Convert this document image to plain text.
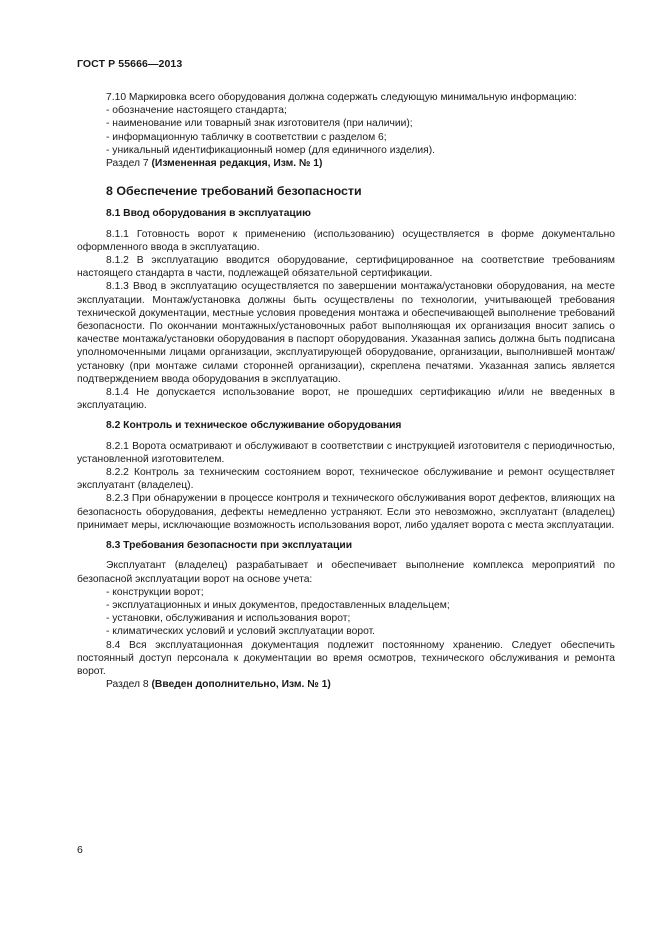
ГОСТ Р 55666—2013

7.10 Маркировка всего оборудования должна содержать следующую минимальную информацию:

- обозначение настоящего стандарта;

- наименование или товарный знак изготовителя (при наличии);

- информационную табличку в соответствии с разделом 6;

- уникальный идентификационный номер (для единичного изделия).

Раздел 7 (Измененная редакция, Изм. № 1)

8 Обеспечение требований безопасности

8.1 Ввод оборудования в эксплуатацию

8.1.1 Готовность ворот к применению (использованию) осуществляется в форме документально оформленного ввода в эксплуатацию.

8.1.2 В эксплуатацию вводится оборудование, сертифицированное на соответствие требованиям настоящего стандарта в части, подлежащей обязательной сертификации.

8.1.3 Ввод в эксплуатацию осуществляется по завершении монтажа/установки оборудования, на месте эксплуатации. Монтаж/установка должны быть осуществлены по технологии, учитывающей требования технической документации, местные условия проведения монтажа и обеспечивающей выполнение требований безопасности. По окончании монтажных/установочных работ выполняющая их организация вносит запись о качестве монтажа/установки оборудования в паспорт оборудования. Указанная запись должна быть подписана уполномоченными лицами организации, эксплуатирующей оборудование, организации, выполнившей монтаж/установку (при монтаже силами сторонней организации), скреплена печатями. Указанная запись является подтверждением ввода оборудования в эксплуатацию.

8.1.4 Не допускается использование ворот, не прошедших сертификацию и/или не введенных в эксплуатацию.

8.2 Контроль и техническое обслуживание оборудования

8.2.1 Ворота осматривают и обслуживают в соответствии с инструкцией изготовителя с периодичностью, установленной изготовителем.

8.2.2 Контроль за техническим состоянием ворот, техническое обслуживание и ремонт осуществляет эксплуатант (владелец).

8.2.3 При обнаружении в процессе контроля и технического обслуживания ворот дефектов, влияющих на безопасность оборудования, дефекты немедленно устраняют. Если это невозможно, эксплуатант (владелец) принимает меры, исключающие возможность использования ворот, либо удаляет ворота с места эксплуатации.

8.3 Требования безопасности при эксплуатации

Эксплуатант (владелец) разрабатывает и обеспечивает выполнение комплекса мероприятий по безопасной эксплуатации ворот на основе учета:

- конструкции ворот;

- эксплуатационных и иных документов, предоставленных владельцем;

- установки, обслуживания и использования ворот;

- климатических условий и условий эксплуатации ворот.

8.4 Вся эксплуатационная документация подлежит постоянному хранению. Следует обеспечить постоянный доступ персонала к документации во время осмотров, технического обслуживания и ремонта ворот.

Раздел 8 (Введен дополнительно, Изм. № 1)

6
